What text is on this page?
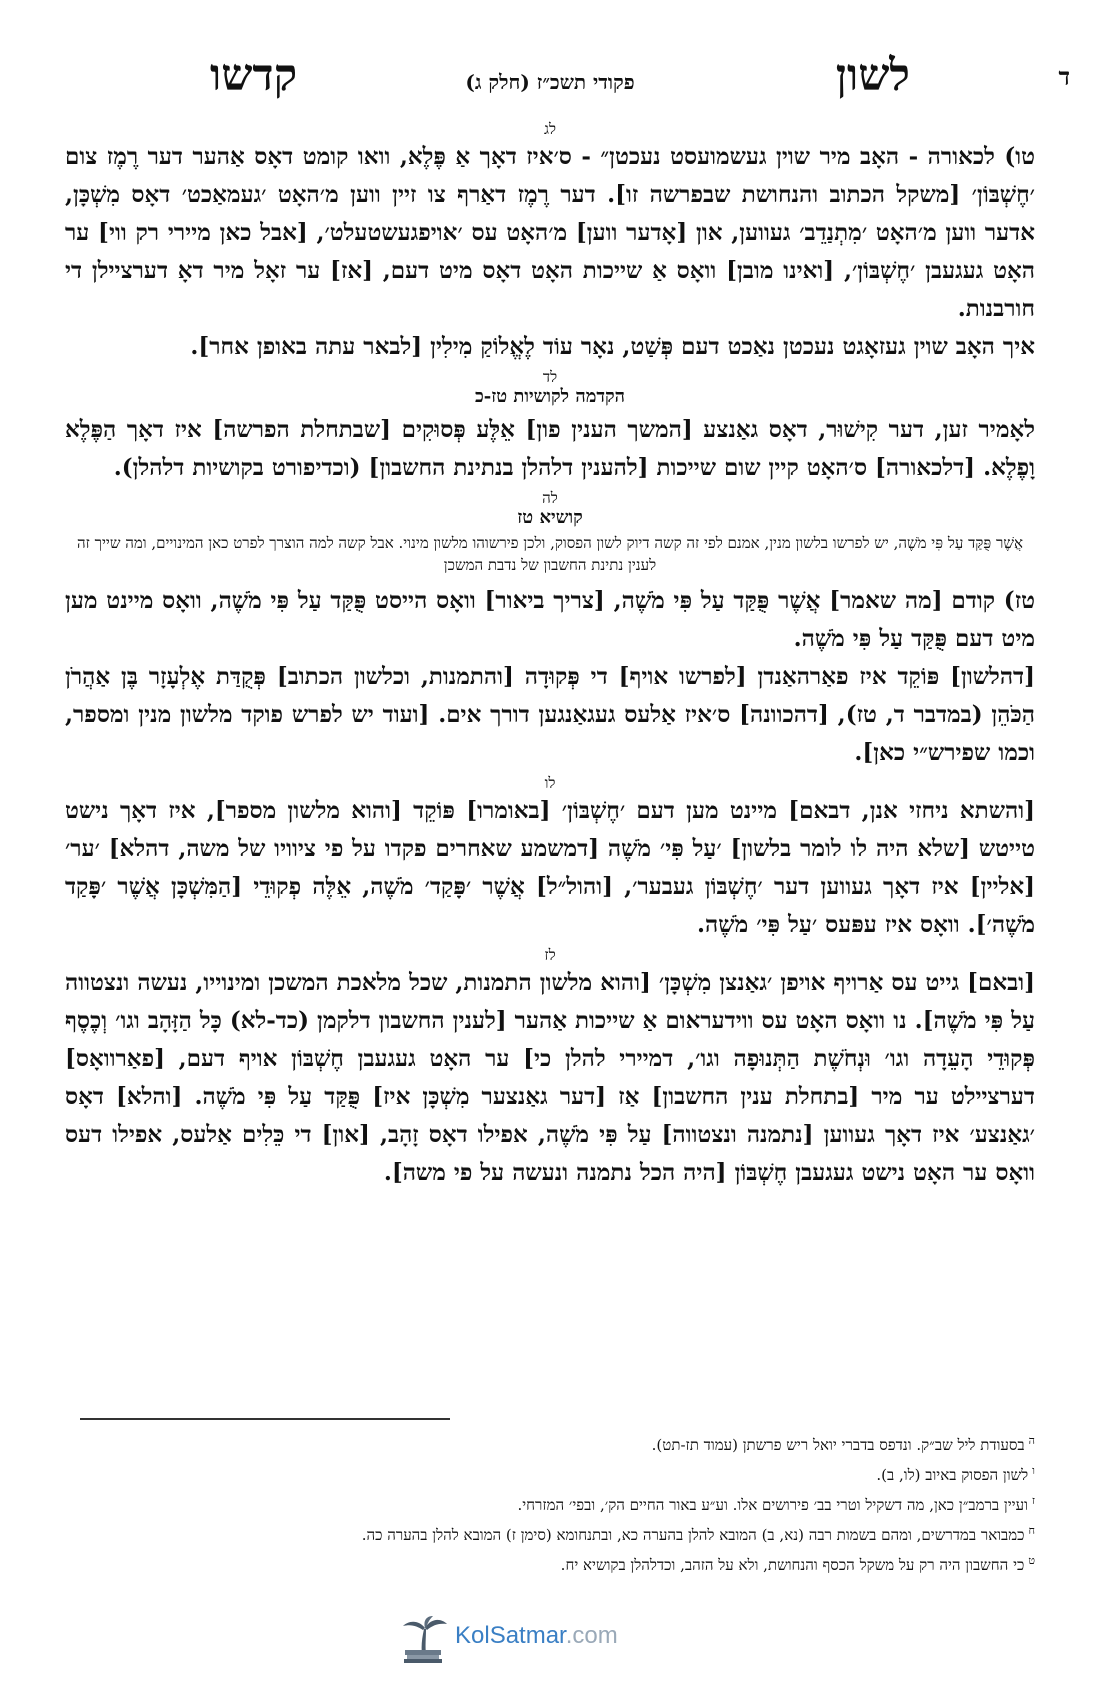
ד
לשון
פקודי תשכ״ז (חלק ג)
קדשו
לג

טו) לכאורה - האָב מיר שוין געשמועסט נעכטן״ - ס׳איז דאָך אַ פֶּלֶא, וואו קומט דאָס אַהער דער רֶמֶז צום ׳חֶשְׁבּוֹן׳ [משקל הכתוב והנחושת שבפרשה זו]. דער רֶמֶז דאַרף צו זיין ווען מ׳האָט ׳געמאַכט׳ דאָס מִשְׁכָּן, אדער ווען מ׳האָט ׳מִתְנַדֵב׳ געווען, און [אָדער ווען] מ׳האָט עס ׳אויפגעשטעלט׳, [אבל כאן מיירי רק ווי] ער האָט געגעבן ׳חֶשְׁבּוֹן׳, [ואינו מובן] וואָס אַ שייכות האָט דאָס מיט דעם, [אז] ער זאָל מיר דאָ דערציילן די חורבנות.

איך האָב שוין געזאָגט נעכטן נאַכט דעם פְּשַׁט, נאָר עוֹד לֶאֱלוֹקַ מִילִין [לבאר עתה באופן אחר].

לד
הקדמה לקושיות טז-כ

לאָמיר זען, דער קִישׁוּר, דאָס גאַנצע [המשך הענין פון] אֵלֶּע פְּסוּקִים [שבתחלת הפרשה] איז דאָך הַפֶּלֶא וָפֶלֶא. [דלכאורה] ס׳האָט קיין שום שייכות [להענין דלהלן בנתינת החשבון] (וכדיפורט בקושיות דלהלן).

לה
קושיא טז
אֲשֶׁר פֻּקַּד עַל פִּי מֹשֶׁה, יש לפרשו בלשון מנין, אמנם לפי זה קשה דיוק לשון הפסוק, ולכן פירשוהו מלשון מינוי. אבל קשה למה הוצרך לפרט כאן המינויים, ומה שייך זה לענין נתינת החשבון של נדבת המשכן

טז) קודם [מה שאמר] אֲשֶׁר פֻּקַּד עַל פִּי מֹשֶׁה, [צריך ביאור] וואָס הייסט פֻּקַּד עַל פִּי מֹשֶׁה, וואָס מיינט מען מיט דעם פֻּקַּד עַל פִּי מֹשֶׁה.

[דהלשון] פּוֹקֵד איז פאַרהאַנדן [לפרשו אויף] די פְּקוּדָה [והתמנות, וכלשון הכתוב] פְּקֻדַּת אֶלְעָזָר בֶּן אַהֲרֹן הַכֹּהֵן (במדבר ד, טז), [דהכוונה] ס׳איז אַלעס געגאַנגען דורך אים. [ועוד יש לפרש פוקד מלשון מנין ומספר, וכמו שפירש״י כאן].

לו

[והשתא ניחזי אנן, דבאם] מיינט מען דעם ׳חֶשְׁבּוֹן׳ [באומרו] פּוֹקֵד [והוא מלשון מספר], איז דאָך נישט טייטש [שלא היה לו לומר בלשון] ׳עַל פִּי׳ מֹשֶׁה [דמשמע שאחרים פקדו על פי ציוויו של משה, דהלא] ׳ער׳ [אליין] איז דאָך געווען דער ׳חֶשְׁבּוֹן געבער׳, [והול״ל] אֲשֶׁר ׳פָּקַד׳ מֹשֶׁה, אֵלֶּה פְקוּדֵי [הַמִּשְׁכָּן אֲשֶׁר ׳פָּקַד מֹשֶׁה׳]. וואָס איז עפּעס ׳עַל פִּי׳ מֹשֶׁה.

לז

[ובאם] גייט עס אַרויף אויפן ׳גאַנצן מִשְׁכָּן׳ [והוא מלשון התמנות, שכל מלאכת המשכן ומינוייו, נעשה ונצטווה עַל פִּי מֹשֶׁה]. נו וואָס האָט עס ווידעראום אַ שייכות אַהער [לענין החשבון דלקמן (כד-לא) כָּל הַזָּהָב וגו׳ וְכֶסֶף פְּקוּדֵי הָעֵדָה וגו׳ וּנְחֹשֶׁת הַתְּנוּפָה וגו׳, דמיירי להלן כי] ער האָט געגעבן חֶשְׁבּוֹן אויף דעם, [פאַרוואָס] דערציילט ער מיר [בתחלת ענין החשבון] אַז [דער גאַנצער מִשְׁכָּן איז] פֻּקַּד עַל פִּי מֹשֶׁה. [והלא] דאָס ׳גאַנצע׳ איז דאָך געווען [נתמנה ונצטווה] עַל פִּי מֹשֶׁה, אפילו דאָס זָהָב, [און] די כֵּלִים אַלעס, אפילו דעס וואָס ער האָט נישט געגעבן חֶשְׁבּוֹן [היה הכל נתמנה ונעשה על פי משה].

$^ה$בסעודת ליל שב״ק. ונדפס בדברי יואל ריש פרשתן (עמוד תז-תט).

$^ו$לשון הפסוק באיוב (לו, ב).

$^ז$ועיין ברמב״ן כאן, מה דשקיל וטרי בב׳ פירושים אלו. וע״ע באור החיים הק׳, ובפי׳ המזרחי.

$^ח$כמבואר במדרשים, ומהם בשמות רבה (נא, ב) המובא להלן בהערה כא, ובתנחומא (סימן ז) המובא להלן בהערה כה.

$^ט$כי החשבון היה רק על משקל הכסף והנחושת, ולא על הזהב, וכדלהלן בקושיא יח.

KolSatmar.com
